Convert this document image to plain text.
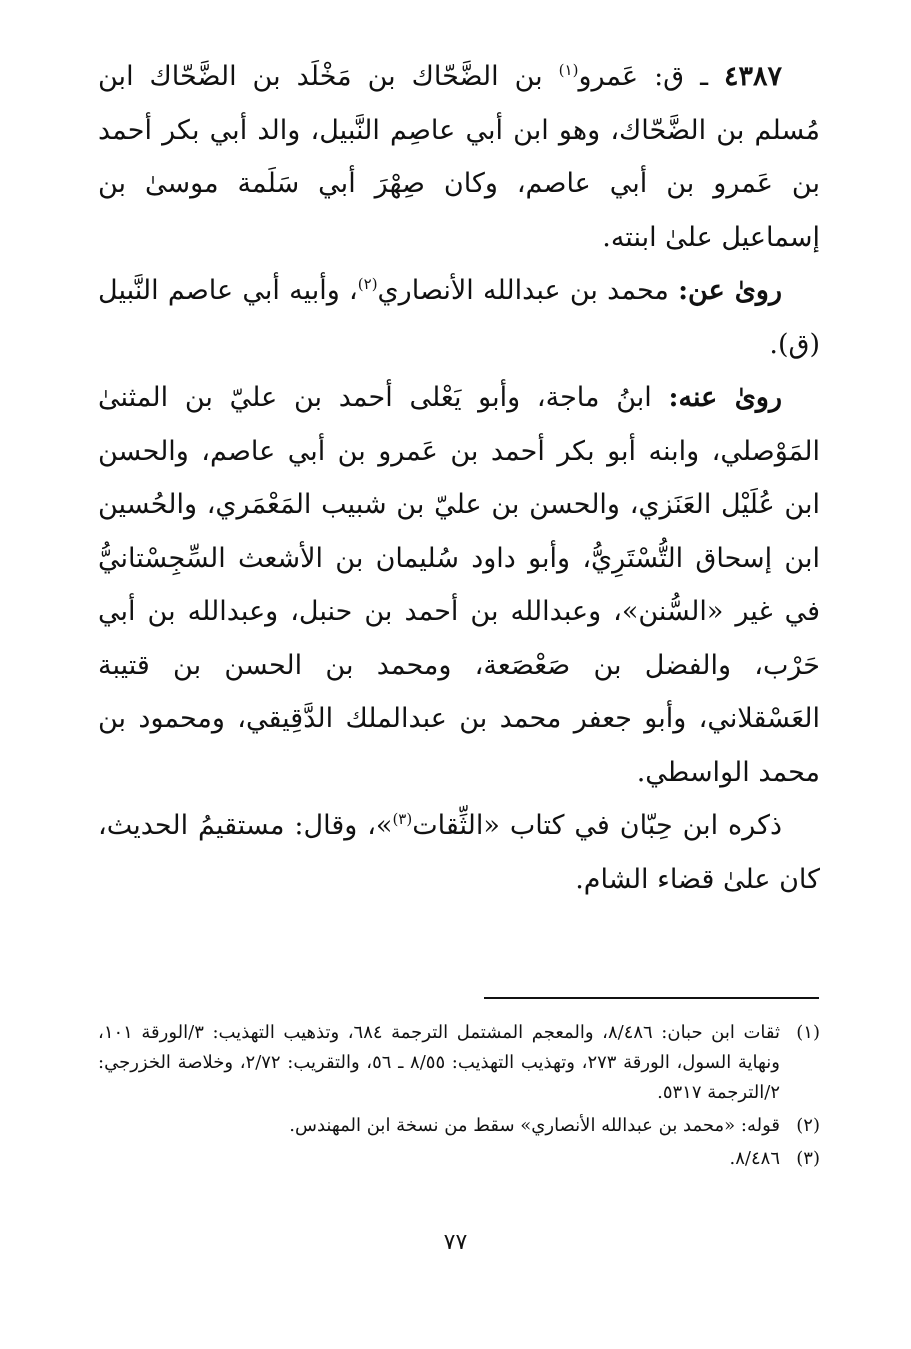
٤٣٨٧ ـ ق: عَمرو$^{(١)}$ بن الضَّحّاك بن مَخْلَد بن الضَّحّاك ابن مُسلم بن الضَّحّاك، وهو ابن أبي عاصِم النَّبيل، والد أبي بكر أحمد بن عَمرو بن أبي عاصم، وكان صِهْرَ أبي سَلَمة موسىٰ بن إسماعيل علىٰ ابنته.

روىٰ عن: محمد بن عبدالله الأنصاري$^{(٢)}$، وأبيه أبي عاصم النَّبيل (ق).

روىٰ عنه: ابنُ ماجة، وأبو يَعْلى أحمد بن عليّ بن المثنىٰ المَوْصلي، وابنه أبو بكر أحمد بن عَمرو بن أبي عاصم، والحسن ابن عُلَيْل العَنَزي، والحسن بن عليّ بن شبيب المَعْمَري، والحُسين ابن إسحاق التُّسْتَرِيُّ، وأبو داود سُليمان بن الأشعث السِّجِسْتانيُّ في غير «السُّنن»، وعبدالله بن أحمد بن حنبل، وعبدالله بن أبي حَرْب، والفضل بن صَعْصَعة، ومحمد بن الحسن بن قتيبة العَسْقلاني، وأبو جعفر محمد بن عبدالملك الدَّقِيقي، ومحمود بن محمد الواسطي.

ذكره ابن حِبّان في كتاب «الثِّقات$^{(٣)}$»، وقال: مستقيمُ الحديث، كان علىٰ قضاء الشام.

(١)
ثقات ابن حبان: ٨/٤٨٦، والمعجم المشتمل الترجمة ٦٨٤، وتذهيب التهذيب: ٣/الورقة ١٠١، ونهاية السول، الورقة ٢٧٣، وتهذيب التهذيب: ٨/٥٥ ـ ٥٦، والتقريب: ٢/٧٢، وخلاصة الخزرجي: ٢/الترجمة ٥٣١٧.
(٢)
قوله: «محمد بن عبدالله الأنصاري» سقط من نسخة ابن المهندس.
(٣)
٨/٤٨٦.
٧٧
